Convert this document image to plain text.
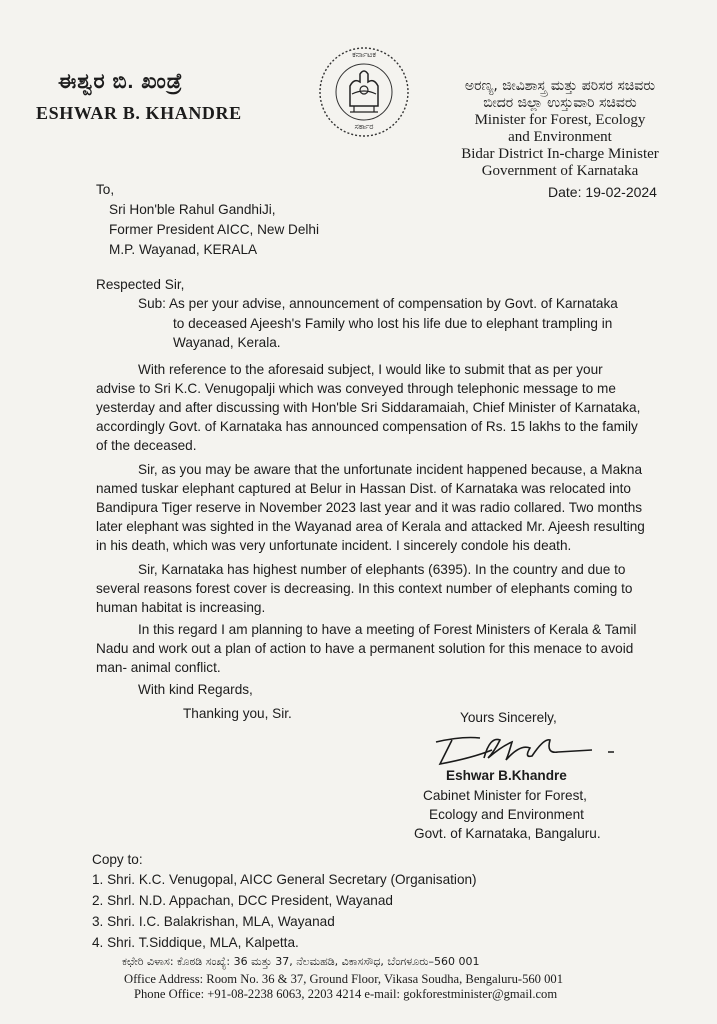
ಈಶ್ವರ ಬಿ. ಖಂಡ್ರೆ
ESHWAR B. KHANDRE
ಕರ್ನಾಟಕ
ಸರ್ಕಾರ
ಅರಣ್ಯ, ಜೀವಿಶಾಸ್ತ್ರ ಮತ್ತು ಪರಿಸರ ಸಚಿವರು
ಬೀದರ ಜಿಲ್ಲಾ ಉಸ್ತುವಾರಿ ಸಚಿವರು
Minister for Forest, Ecology
and Environment
Bidar District In-charge Minister
Government of Karnataka
Date: 19-02-2024
To,
Sri Hon'ble Rahul GandhiJi,
Former President AICC, New Delhi
M.P. Wayanad, KERALA
Respected Sir,
Sub: As per your advise, announcement of compensation by Govt. of Karnataka
to deceased Ajeesh's Family who lost his life due to elephant trampling in
Wayanad, Kerala.
With reference to the aforesaid subject, I would like to submit that as per your
advise to Sri K.C. Venugopalji which was conveyed through telephonic message to me
yesterday and after discussing with Hon'ble Sri Siddaramaiah, Chief Minister of Karnataka,
accordingly Govt. of Karnataka has announced compensation of Rs. 15 lakhs to the family
of the deceased.
Sir, as you may be aware that the unfortunate incident happened because, a Makna
named tuskar elephant captured at Belur in Hassan Dist. of Karnataka was relocated into
Bandipura Tiger reserve in November 2023 last year and it was radio collared. Two months
later elephant was sighted in the Wayanad area of Kerala and attacked Mr. Ajeesh resulting
in his death, which was very unfortunate incident. I sincerely condole his death.
Sir, Karnataka has highest number of elephants (6395). In the country and due to
several reasons forest cover is decreasing. In this context number of elephants coming to
human habitat is increasing.
In this regard I am planning to have a meeting of Forest Ministers of Kerala & Tamil
Nadu and work out a plan of action to have a permanent solution for this menace to avoid
man- animal conflict.
With kind Regards,
Thanking you, Sir.	Yours Sincerely,
Eshwar B.Khandre
Cabinet Minister for Forest,
Ecology and Environment
Govt. of Karnataka, Bangaluru.
Copy to:
1. Shri. K.C. Venugopal, AICC General Secretary (Organisation)
2. Shrl. N.D. Appachan, DCC President, Wayanad
3. Shri. I.C. Balakrishan, MLA, Wayanad
4. Shri. T.Siddique, MLA, Kalpetta.
ಕಛೇರಿ ವಿಳಾಸ: ಕೊಠಡಿ ಸಂಖ್ಯೆ: 36 ಮತ್ತು 37, ನೆಲಮಹಡಿ, ವಿಕಾಸಸೌಧ, ಬೆಂಗಳೂರು–560 001
Office Address: Room No. 36 & 37, Ground Floor, Vikasa Soudha, Bengaluru-560 001
Phone Office: +91-08-2238 6063, 2203 4214 e-mail: gokforestminister@gmail.com
